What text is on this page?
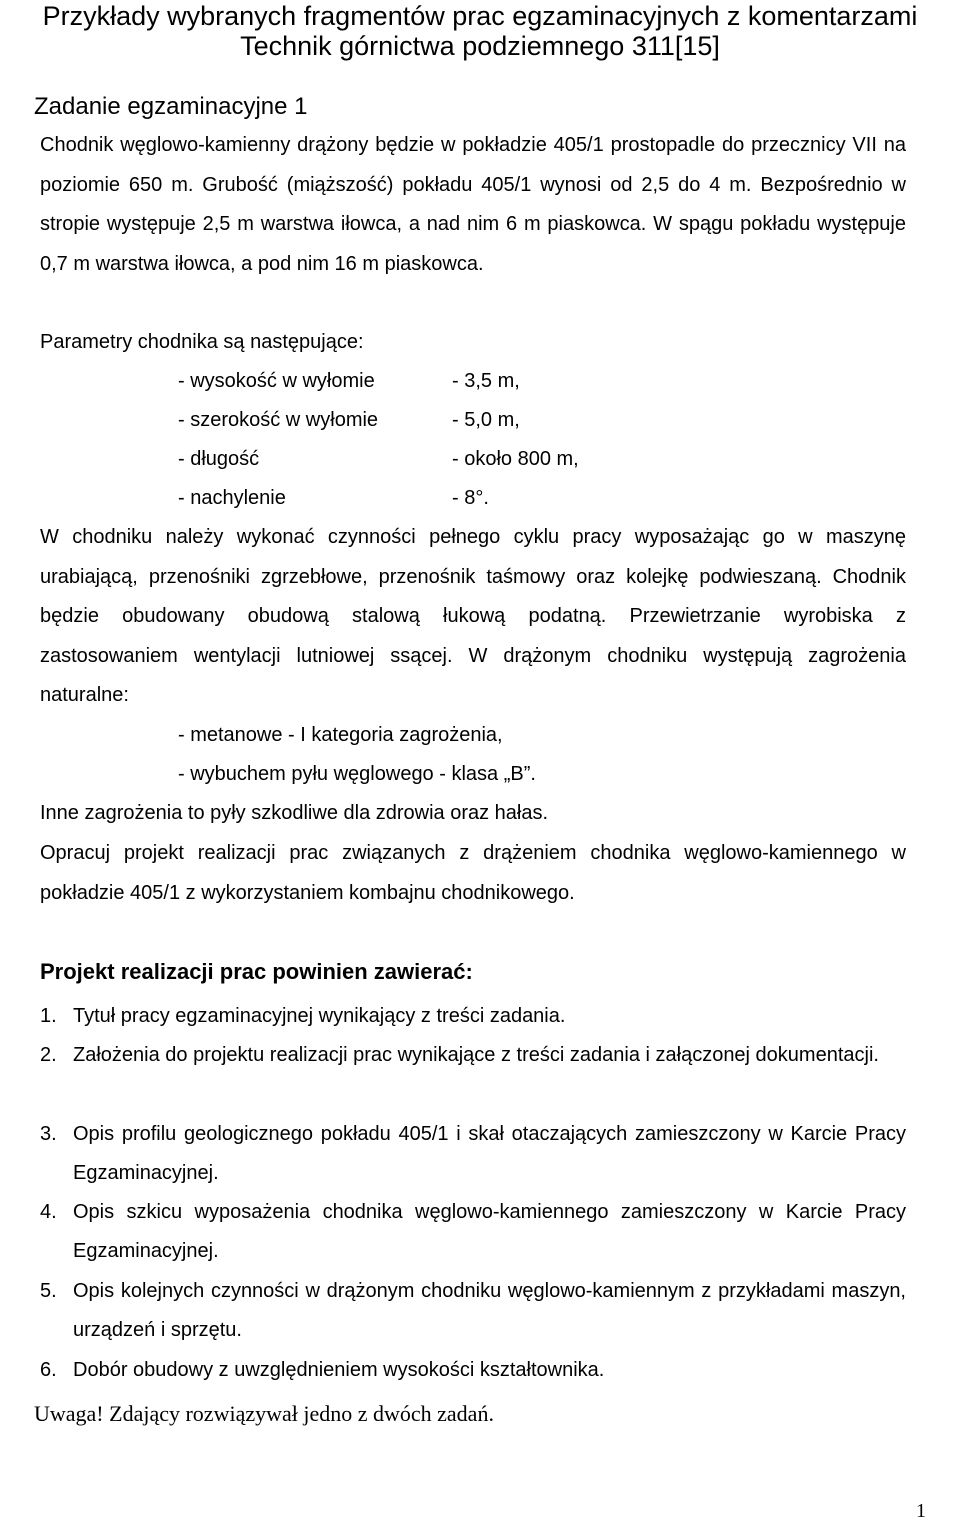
Przykłady wybranych fragmentów prac egzaminacyjnych z komentarzami
Technik górnictwa podziemnego 311[15]
Zadanie egzaminacyjne 1

Chodnik węglowo-kamienny drążony będzie w pokładzie 405/1 prostopadle do przecznicy VII na poziomie 650 m. Grubość (miąższość) pokładu 405/1 wynosi od 2,5 do 4 m. Bezpośrednio w stropie występuje 2,5 m warstwa iłowca, a nad nim 6 m piaskowca. W spągu pokładu występuje 0,7 m warstwa iłowca, a pod nim 16 m piaskowca.

Parametry chodnika są następujące:

- wysokość w wyłomie	- 3,5 m,

- szerokość w wyłomie	- 5,0 m,

- długość	- około 800 m,

- nachylenie	- 8°.

W chodniku należy wykonać czynności pełnego cyklu pracy wyposażając go w maszynę urabiającą, przenośniki zgrzebłowe, przenośnik taśmowy oraz kolejkę podwieszaną. Chodnik będzie obudowany obudową stalową łukową podatną. Przewietrzanie wyrobiska z zastosowaniem wentylacji lutniowej ssącej. W drążonym chodniku występują zagrożenia naturalne:

- metanowe - I kategoria zagrożenia,

- wybuchem pyłu węglowego - klasa „B”.

Inne zagrożenia to pyły szkodliwe dla zdrowia oraz hałas.

Opracuj projekt realizacji prac związanych z drążeniem chodnika węglowo-kamiennego w pokładzie 405/1 z wykorzystaniem kombajnu chodnikowego.

Projekt realizacji prac powinien zawierać:
1. Tytuł pracy egzaminacyjnej wynikający z treści zadania.
2. Założenia do projektu realizacji prac wynikające z treści zadania i załączonej dokumentacji.
3. Opis profilu geologicznego pokładu 405/1 i skał otaczających zamieszczony w Karcie Pracy Egzaminacyjnej.
4. Opis szkicu wyposażenia chodnika węglowo-kamiennego zamieszczony w Karcie Pracy Egzaminacyjnej.
5. Opis kolejnych czynności w drążonym chodniku węglowo-kamiennym z przykładami maszyn, urządzeń i sprzętu.
6. Dobór obudowy z uwzględnieniem wysokości kształtownika.

Uwaga! Zdający rozwiązywał jedno z dwóch zadań.

1
